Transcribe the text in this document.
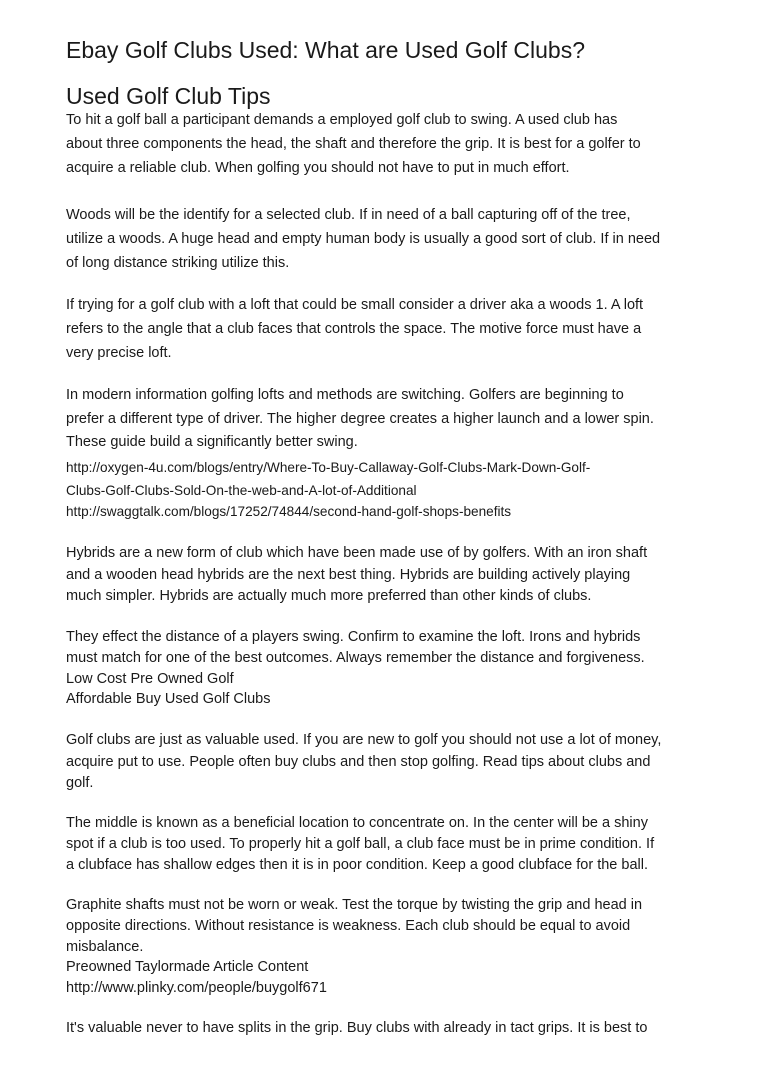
Ebay Golf Clubs Used: What are Used Golf Clubs?
Used Golf Club Tips
To hit a golf ball a participant demands a employed golf club to swing. A used club has
about three components the head, the shaft and therefore the grip. It is best for a golfer to
acquire a reliable club. When golfing you should not have to put in much effort.
Woods will be the identify for a selected club. If in need of a ball capturing off of the tree,
utilize a woods. A huge head and empty human body is usually a good sort of club. If in need
of long distance striking utilize this.
If trying for a golf club with a loft that could be small consider a driver aka a woods 1. A loft
refers to the angle that a club faces that controls the space. The motive force must have a
very precise loft.
In modern information golfing lofts and methods are switching. Golfers are beginning to
prefer a different type of driver. The higher degree creates a higher launch and a lower spin.
These guide build a significantly better swing.
http://oxygen-4u.com/blogs/entry/Where-To-Buy-Callaway-Golf-Clubs-Mark-Down-Golf-
Clubs-Golf-Clubs-Sold-On-the-web-and-A-lot-of-Additional
http://swaggtalk.com/blogs/17252/74844/second-hand-golf-shops-benefits
Hybrids are a new form of club which have been made use of by golfers. With an iron shaft
and a wooden head hybrids are the next best thing. Hybrids are building actively playing
much simpler. Hybrids are actually much more preferred than other kinds of clubs.
They effect the distance of a players swing. Confirm to examine the loft. Irons and hybrids
must match for one of the best outcomes. Always remember the distance and forgiveness.
Low Cost Pre Owned Golf
Affordable Buy Used Golf Clubs
Golf clubs are just as valuable used. If you are new to golf you should not use a lot of money,
acquire put to use. People often buy clubs and then stop golfing. Read tips about clubs and
golf.
The middle is known as a beneficial location to concentrate on. In the center will be a shiny
spot if a club is too used. To properly hit a golf ball, a club face must be in prime condition. If
a clubface has shallow edges then it is in poor condition. Keep a good clubface for the ball.
Graphite shafts must not be worn or weak. Test the torque by twisting the grip and head in
opposite directions. Without resistance is weakness. Each club should be equal to avoid
misbalance.
Preowned Taylormade Article Content
http://www.plinky.com/people/buygolf671
It's valuable never to have splits in the grip. Buy clubs with already in tact grips. It is best to
